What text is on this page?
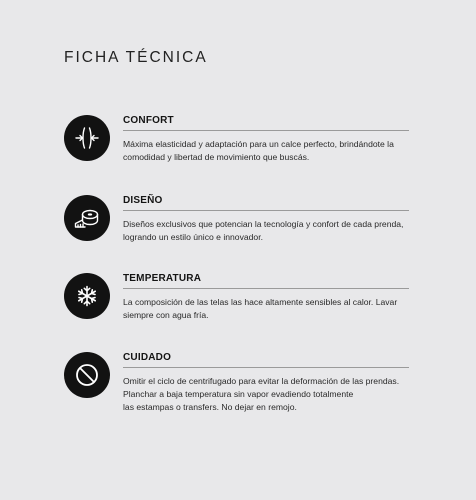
FICHA TÉCNICA
CONFORT

Máxima elasticidad y adaptación para un calce perfecto, brindándote la
comodidad y libertad de movimiento que buscás.

DISEÑO

Diseños exclusivos que potencian la tecnología y confort de cada prenda,
logrando un estilo único e innovador.

TEMPERATURA

La composición de las telas las hace altamente sensibles al calor. Lavar
siempre con agua fría.

CUIDADO

Omitir el ciclo de centrifugado para evitar la deformación de las prendas.
Planchar a baja temperatura sin vapor evadiendo totalmente
las estampas o transfers. No dejar en remojo.
